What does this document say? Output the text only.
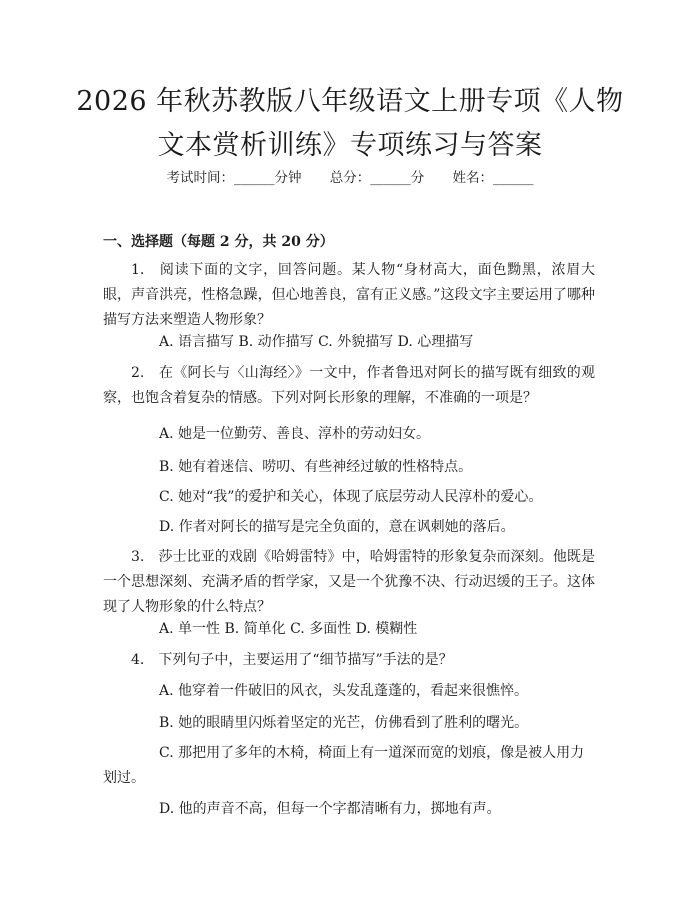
2026 年秋苏教版八年级语文上册专项《人物
文本赏析训练》专项练习与答案
考试时间：______分钟 总分：______分 姓名：______
一、选择题（每题 2 分，共 20 分）
1.　阅读下面的文字，回答问题。某人物“身材高大，面色黝黑，浓眉大眼，声音洪亮，性格急躁，但心地善良，富有正义感。”这段文字主要运用了哪种描写方法来塑造人物形象？
A. 语言描写 B. 动作描写 C. 外貌描写 D. 心理描写
2.　在《阿长与〈山海经〉》一文中，作者鲁迅对阿长的描写既有细致的观察，也饱含着复杂的情感。下列对阿长形象的理解，不准确的一项是？
A. 她是一位勤劳、善良、淳朴的劳动妇女。
B. 她有着迷信、唠叨、有些神经过敏的性格特点。
C. 她对“我”的爱护和关心，体现了底层劳动人民淳朴的爱心。
D. 作者对阿长的描写是完全负面的，意在讽刺她的落后。
3.　莎士比亚的戏剧《哈姆雷特》中，哈姆雷特的形象复杂而深刻。他既是一个思想深刻、充满矛盾的哲学家，又是一个犹豫不决、行动迟缓的王子。这体现了人物形象的什么特点？
A. 单一性 B. 简单化 C. 多面性 D. 模糊性
4.　下列句子中，主要运用了“细节描写”手法的是？
A. 他穿着一件破旧的风衣，头发乱蓬蓬的，看起来很憔悴。
B. 她的眼睛里闪烁着坚定的光芒，仿佛看到了胜利的曙光。
C. 那把用了多年的木椅，椅面上有一道深而宽的划痕，像是被人用力划过。
D. 他的声音不高，但每一个字都清晰有力，掷地有声。
